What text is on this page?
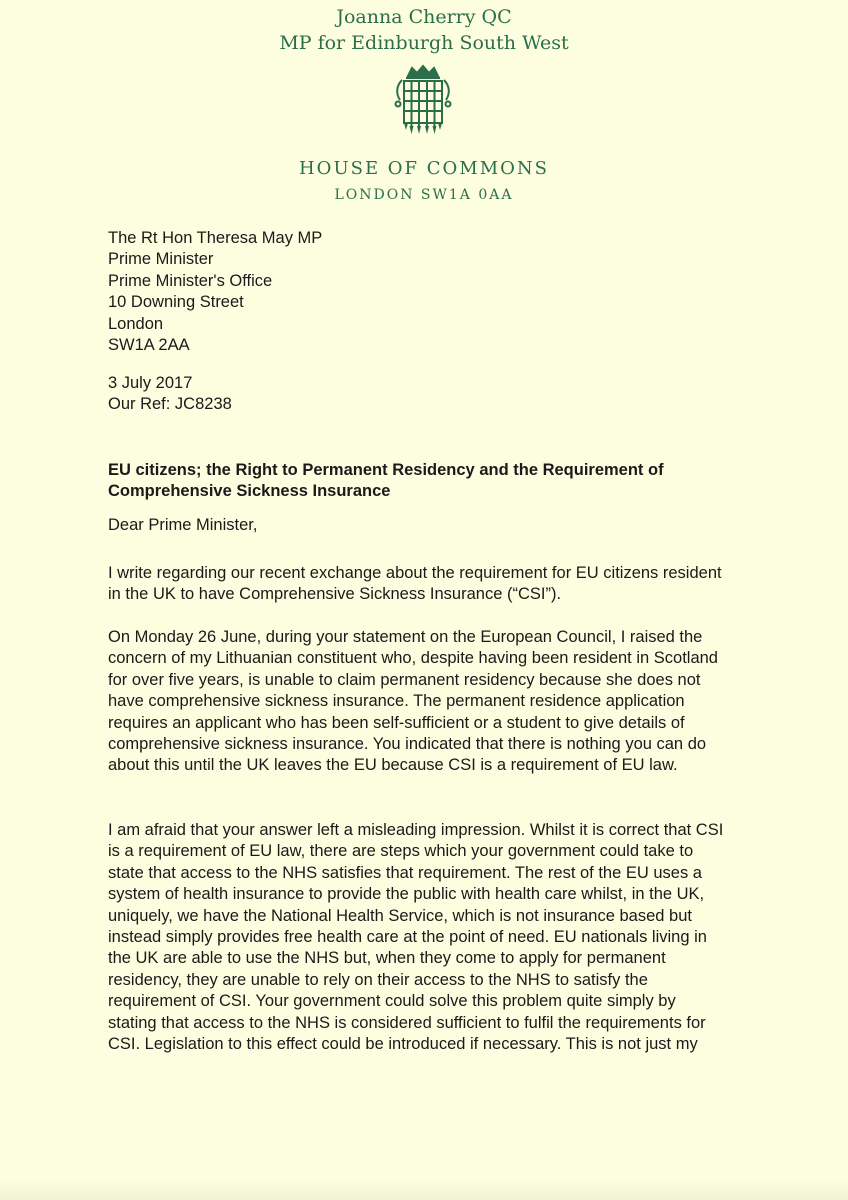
Joanna Cherry QC
MP for Edinburgh South West
HOUSE OF COMMONS
LONDON SW1A 0AA
The Rt Hon Theresa May MP
Prime Minister
Prime Minister's Office
10 Downing Street
London
SW1A 2AA
3 July 2017
Our Ref: JC8238
EU citizens; the Right to Permanent Residency and the Requirement of
Comprehensive Sickness Insurance
Dear Prime Minister,
I write regarding our recent exchange about the requirement for EU citizens resident
in the UK to have Comprehensive Sickness Insurance (“CSI”).
On Monday 26 June, during your statement on the European Council, I raised the
concern of my Lithuanian constituent who, despite having been resident in Scotland
for over five years, is unable to claim permanent residency because she does not
have comprehensive sickness insurance. The permanent residence application
requires an applicant who has been self-sufficient or a student to give details of
comprehensive sickness insurance. You indicated that there is nothing you can do
about this until the UK leaves the EU because CSI is a requirement of EU law.
I am afraid that your answer left a misleading impression. Whilst it is correct that CSI
is a requirement of EU law, there are steps which your government could take to
state that access to the NHS satisfies that requirement. The rest of the EU uses a
system of health insurance to provide the public with health care whilst, in the UK,
uniquely, we have the National Health Service, which is not insurance based but
instead simply provides free health care at the point of need. EU nationals living in
the UK are able to use the NHS but, when they come to apply for permanent
residency, they are unable to rely on their access to the NHS to satisfy the
requirement of CSI. Your government could solve this problem quite simply by
stating that access to the NHS is considered sufficient to fulfil the requirements for
CSI. Legislation to this effect could be introduced if necessary. This is not just my
